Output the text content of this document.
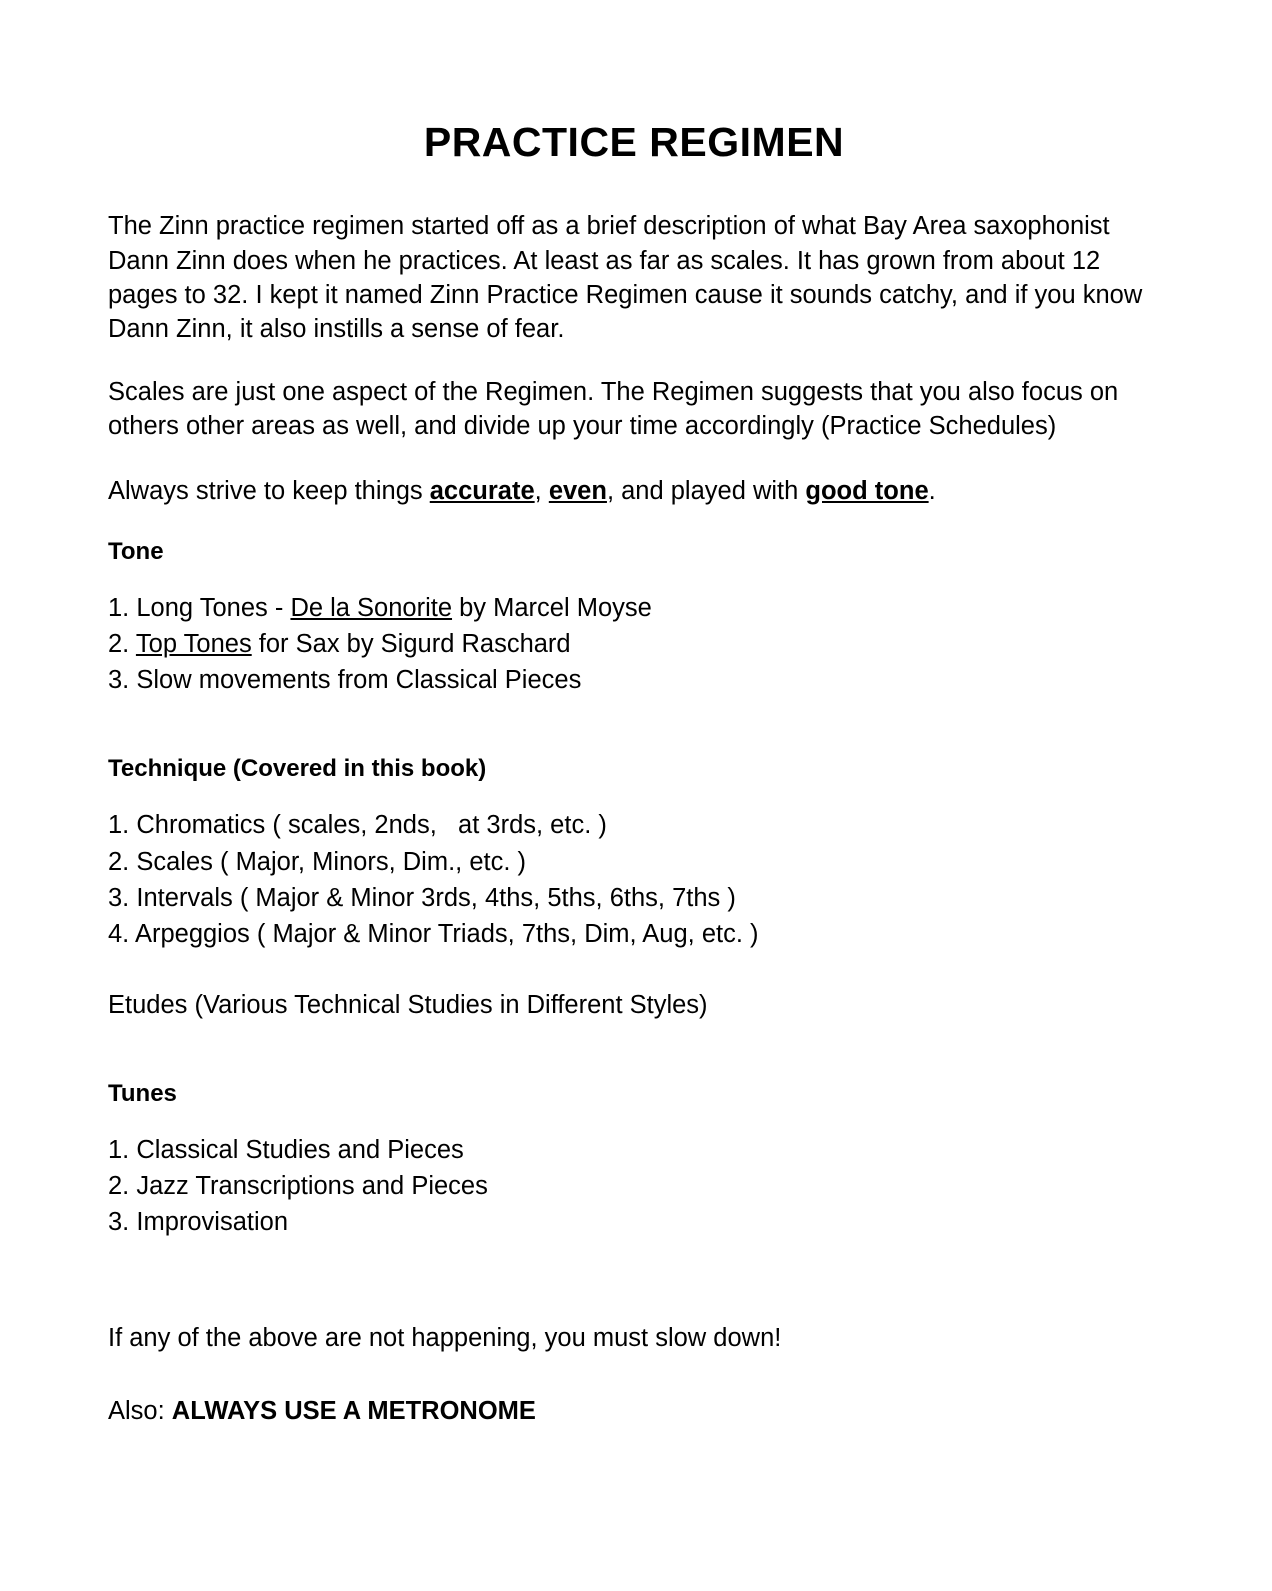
PRACTICE REGIMEN

The Zinn practice regimen started off as a brief description of what Bay Area saxophonist Dann Zinn does when he practices. At least as far as scales. It has grown from about 12 pages to 32. I kept it named Zinn Practice Regimen cause it sounds catchy, and if you know Dann Zinn, it also instills a sense of fear.

Scales are just one aspect of the Regimen. The Regimen suggests that you also focus on others other areas as well, and divide up your time accordingly (Practice Schedules)

Always strive to keep things accurate, even, and played with good tone.

Tone
1. Long Tones - De la Sonorite by Marcel Moyse
2. Top Tones for Sax by Sigurd Raschard
3. Slow movements from Classical Pieces
Technique (Covered in this book)
1. Chromatics ( scales, 2nds,   at 3rds, etc. )
2. Scales ( Major, Minors, Dim., etc. )
3. Intervals ( Major & Minor 3rds, 4ths, 5ths, 6ths, 7ths )
4. Arpeggios ( Major & Minor Triads, 7ths, Dim, Aug, etc. )

Etudes (Various Technical Studies in Different Styles)

Tunes
1. Classical Studies and Pieces
2. Jazz Transcriptions and Pieces
3. Improvisation

If any of the above are not happening, you must slow down!

Also: ALWAYS USE A METRONOME
